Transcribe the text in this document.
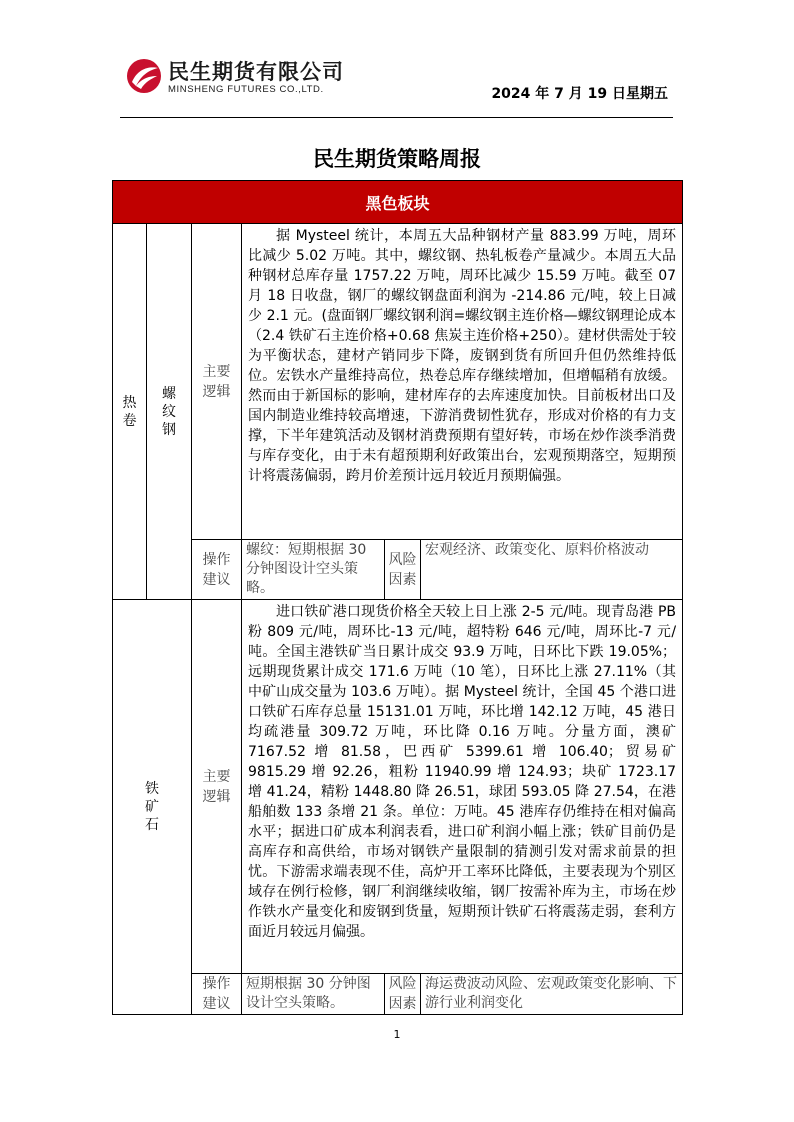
民生期货有限公司
MINSHENG FUTURES CO.,LTD.	2024 年 7 月 19 日星期五
民生期货策略周报
黑色板块					
热卷	螺纹钢	主要逻辑	据 Mysteel 统计，本周五大品种钢材产量 883.99 万吨，周环比减少 5.02 万吨。其中，螺纹钢、热轧板卷产量减少。本周五大品种钢材总库存量 1757.22 万吨，周环比减少 15.59 万吨。截至 07 月 18 日收盘，钢厂的螺纹钢盘面利润为 -214.86 元/吨，较上日减少 2.1 元。(盘面钢厂螺纹钢利润=螺纹钢主连价格—螺纹钢理论成本（2.4 铁矿石主连价格+0.68 焦炭主连价格+250）。建材供需处于较为平衡状态，建材产销同步下降，废钢到货有所回升但仍然维持低位。宏铁水产量维持高位，热卷总库存继续增加，但增幅稍有放缓。然而由于新国标的影响，建材库存的去库速度加快。目前板材出口及国内制造业维持较高增速，下游消费韧性犹存，形成对价格的有力支撑，下半年建筑活动及钢材消费预期有望好转，市场在炒作淡季消费与库存变化，由于未有超预期利好政策出台，宏观预期落空，短期预计将震荡偏弱，跨月价差预计远月较近月预期偏强。		

		操作建议	螺纹：短期根据 30 分钟图设计空头策略。	风险因素	宏观经济、政策变化、原料价格波动
铁矿石		主要逻辑	进口铁矿港口现货价格全天较上日上涨 2-5 元/吨。现青岛港 PB 粉 809 元/吨，周环比-13 元/吨，超特粉 646 元/吨，周环比-7 元/吨。全国主港铁矿当日累计成交 93.9 万吨，日环比下跌 19.05%；远期现货累计成交 171.6 万吨（10 笔），日环比上涨 27.11%（其中矿山成交量为 103.6 万吨）。据 Mysteel 统计，全国 45 个港口进口铁矿石库存总量 15131.01 万吨，环比增 142.12 万吨，45 港日均疏港量 309.72 万吨，环比降 0.16 万吨。分量方面，澳矿 7167.52 增 81.58，巴西矿 5399.61 增 106.40；贸易矿 9815.29 增 92.26，粗粉 11940.99 增 124.93；块矿 1723.17 增 41.24，精粉 1448.80 降 26.51，球团 593.05 降 27.54，在港船舶数 133 条增 21 条。单位：万吨。45 港库存仍维持在相对偏高水平；据进口矿成本利润表看，进口矿利润小幅上涨；铁矿目前仍是高库存和高供给，市场对钢铁产量限制的猜测引发对需求前景的担忧。下游需求端表现不佳，高炉开工率环比降低，主要表现为个别区域存在例行检修，钢厂利润继续收缩，钢厂按需补库为主，市场在炒作铁水产量变化和废钢到货量，短期预计铁矿石将震荡走弱，套利方面近月较远月偏强。		

		操作建议	短期根据 30 分钟图设计空头策略。	风险因素	海运费波动风险、宏观政策变化影响、下游行业利润变化
1
